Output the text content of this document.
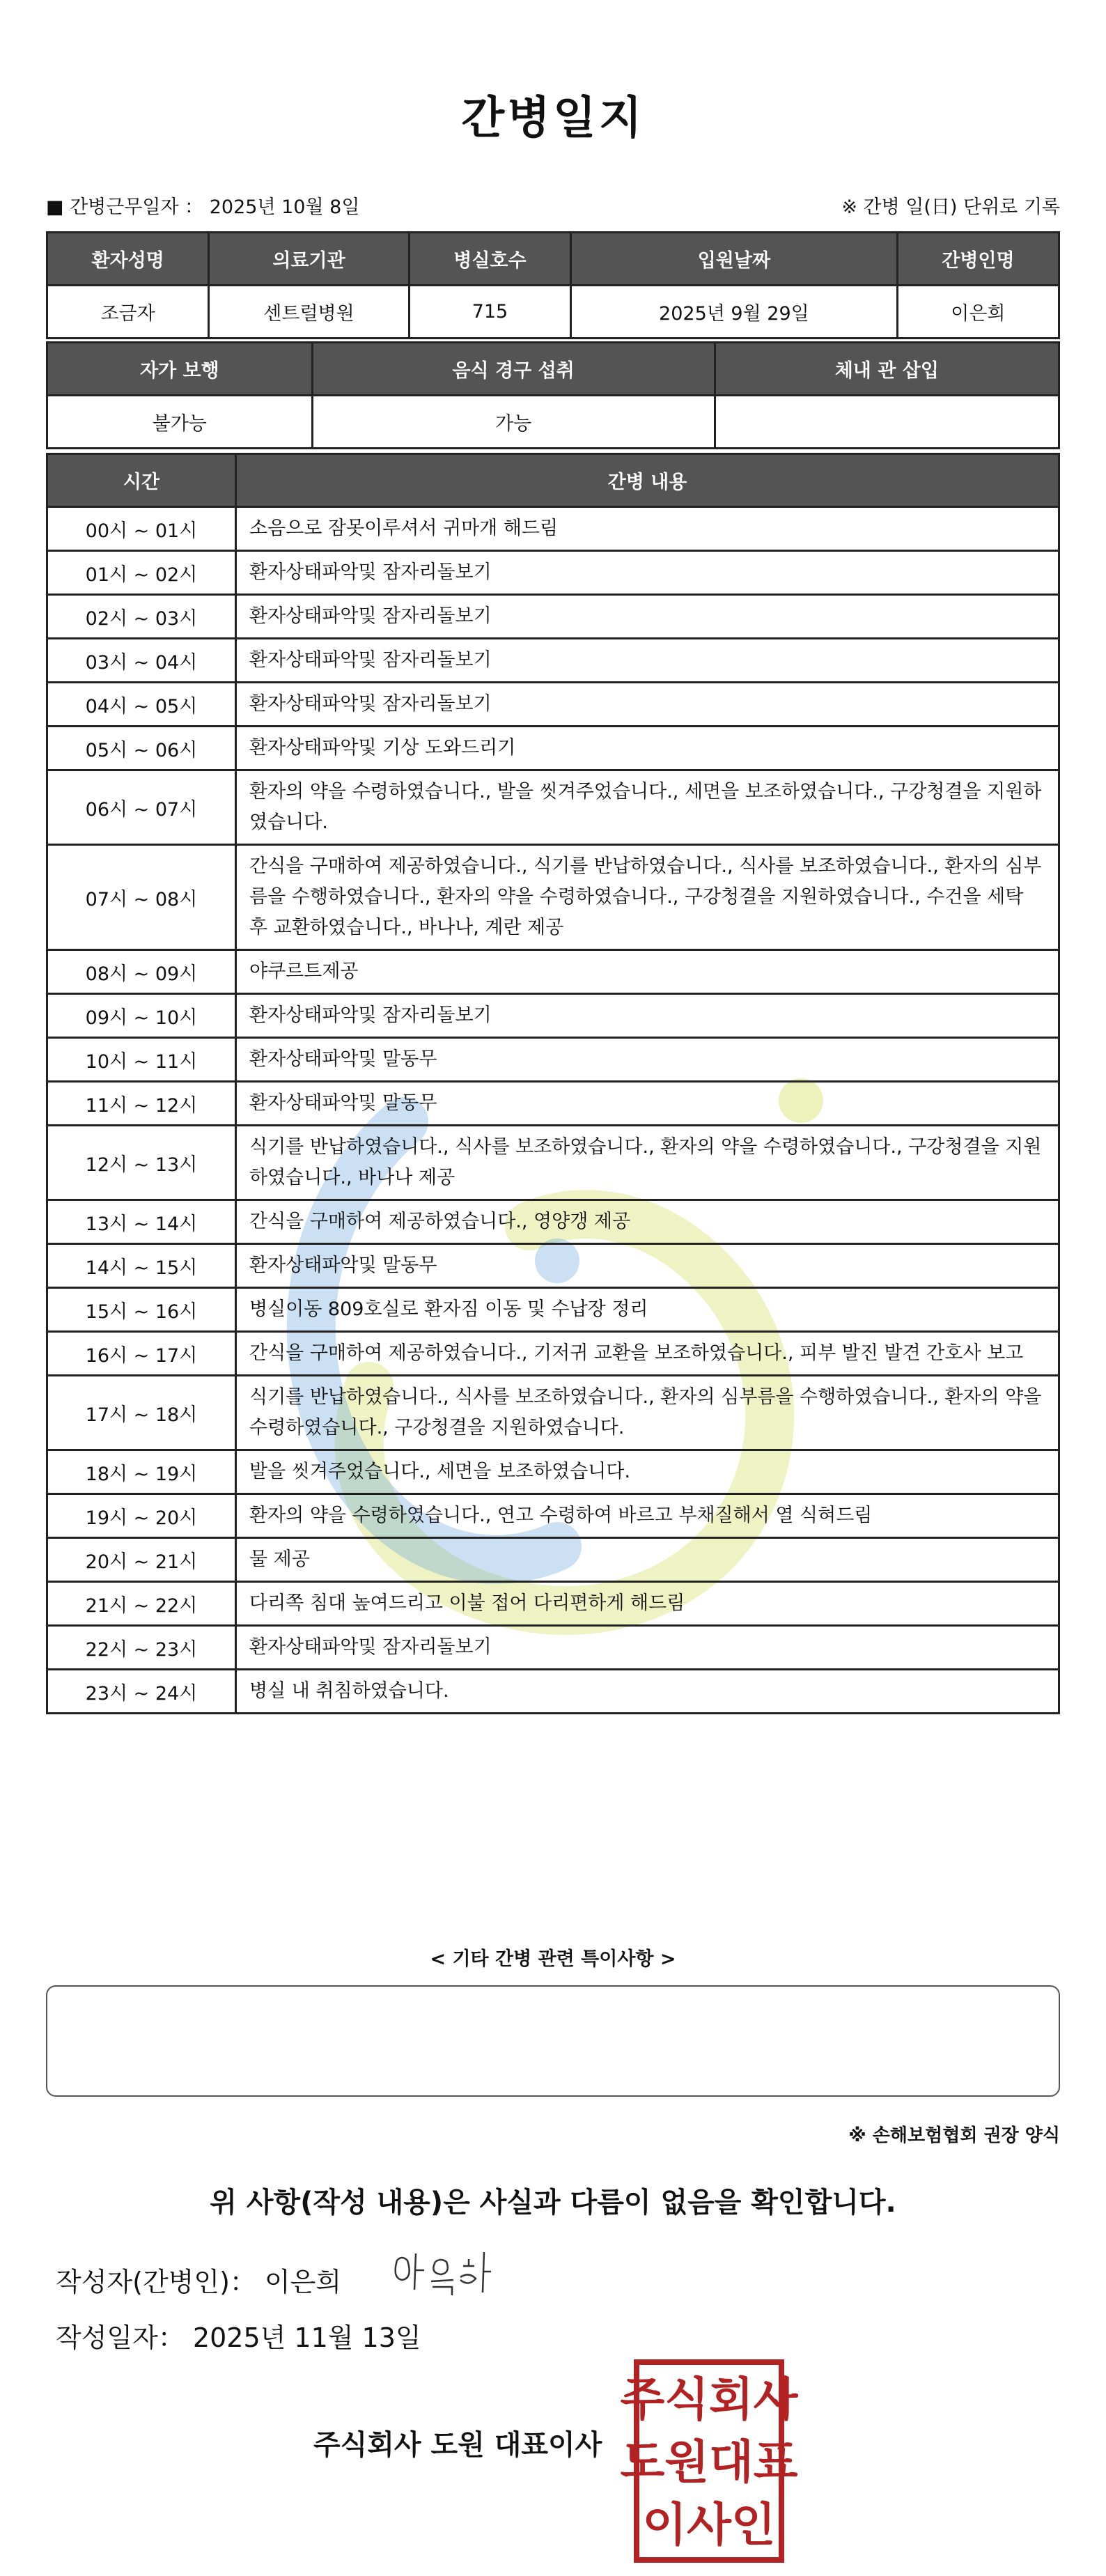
간병일지
■ 간병근무일자 ： 2025년 10월 8일	※ 간병 일(日) 단위로 기록
환자성명	의료기관	병실호수	입원날짜	간병인명
조금자	센트럴병원	715	2025년 9월 29일	이은희
자가 보행	음식 경구 섭취	체내 관 삽입
불가능	가능	
시간	간병 내용
00시 ~ 01시	소음으로 잠못이루셔서 귀마개 해드림
01시 ~ 02시	환자상태파악및 잠자리돌보기
02시 ~ 03시	환자상태파악및 잠자리돌보기
03시 ~ 04시	환자상태파악및 잠자리돌보기
04시 ~ 05시	환자상태파악및 잠자리돌보기
05시 ~ 06시	환자상태파악및 기상 도와드리기
06시 ~ 07시	환자의 약을 수령하였습니다., 발을 씻겨주었습니다., 세면을 보조하였습니다., 구강청결을 지원하였습니다.
07시 ~ 08시	간식을 구매하여 제공하였습니다., 식기를 반납하였습니다., 식사를 보조하였습니다., 환자의 심부름을 수행하였습니다., 환자의 약을 수령하였습니다., 구강청결을 지원하였습니다., 수건을 세탁 후 교환하였습니다., 바나나, 계란 제공
08시 ~ 09시	야쿠르트제공
09시 ~ 10시	환자상태파악및 잠자리돌보기
10시 ~ 11시	환자상태파악및 말동무
11시 ~ 12시	환자상태파악및 말동무
12시 ~ 13시	식기를 반납하였습니다., 식사를 보조하였습니다., 환자의 약을 수령하였습니다., 구강청결을 지원하였습니다., 바나나 제공
13시 ~ 14시	간식을 구매하여 제공하였습니다., 영양갱 제공
14시 ~ 15시	환자상태파악및 말동무
15시 ~ 16시	병실이동 809호실로 환자짐 이동 및 수납장 정리
16시 ~ 17시	간식을 구매하여 제공하였습니다., 기저귀 교환을 보조하였습니다., 피부 발진 발견 간호사 보고
17시 ~ 18시	식기를 반납하였습니다., 식사를 보조하였습니다., 환자의 심부름을 수행하였습니다., 환자의 약을 수령하였습니다., 구강청결을 지원하였습니다.
18시 ~ 19시	발을 씻겨주었습니다., 세면을 보조하였습니다.
19시 ~ 20시	환자의 약을 수령하였습니다., 연고 수령하여 바르고 부채질해서 열 식혀드림
20시 ~ 21시	물 제공
21시 ~ 22시	다리쪽 침대 높여드리고 이불 접어 다리편하게 해드림
22시 ~ 23시	환자상태파악및 잠자리돌보기
23시 ~ 24시	병실 내 취침하였습니다.
< 기타 간병 관련 특이사항 >
※ 손해보험협회 권장 양식
위 사항(작성 내용)은 사실과 다름이 없음을 확인합니다.
작성자(간병인)： 이은희
작성일자： 2025년 11월 13일
주식회사 도원 대표이사
주식회사
도원대표
이사인
